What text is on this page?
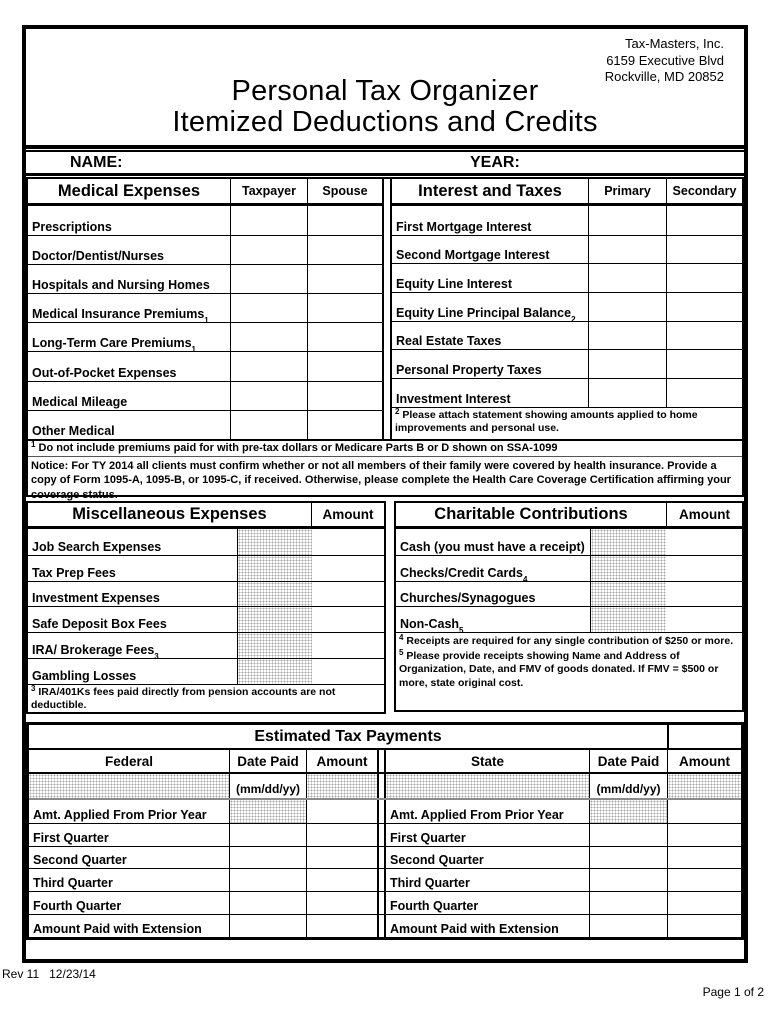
Tax-Masters, Inc.
6159 Executive Blvd
Rockville, MD 20852
Personal Tax Organizer
Itemized Deductions and Credits
NAME:	YEAR:
Medical Expenses	Taxpayer	Spouse
Prescriptions
Doctor/Dentist/Nurses
Hospitals and Nursing Homes
Medical Insurance Premiums 1
Long-Term Care Premiums 1
Out-of-Pocket Expenses
Medical Mileage
Other Medical
Interest and Taxes	Primary	Secondary
First Mortgage Interest
Second Mortgage Interest
Equity Line Interest
Equity Line Principal Balance 2
Real Estate Taxes
Personal Property Taxes
Investment Interest
$^2$ Please attach statement showing amounts applied to home improvements and personal use.
$^1$ Do not include premiums paid for with pre-tax dollars or Medicare Parts B or D shown on SSA-1099
Notice: For TY 2014 all clients must confirm whether or not all members of their family were covered by health insurance. Provide a copy of Form 1095-A, 1095-B, or 1095-C, if received. Otherwise, please complete the Health Care Coverage Certification affirming your coverage status.
Miscellaneous Expenses	Amount
Job Search Expenses
Tax Prep Fees
Investment Expenses
Safe Deposit Box Fees
IRA/ Brokerage Fees 3
Gambling Losses
$^3$ IRA/401Ks fees paid directly from pension accounts are not deductible.
Charitable Contributions	Amount
Cash (you must have a receipt)
Checks/Credit Cards 4
Churches/Synagogues
Non-Cash 5
$^4$ Receipts are required for any single contribution of $250 or more.
$^5$ Please provide receipts showing Name and Address of Organization, Date, and FMV of goods donated. If FMV = $500 or more, state original cost.
Estimated Tax Payments
Federal	Date Paid	Amount	State	Date Paid	Amount
(mm/dd/yy)	(mm/dd/yy)
Amt. Applied From Prior Year	Amt. Applied From Prior Year
First Quarter	First Quarter
Second Quarter	Second Quarter
Third Quarter	Third Quarter
Fourth Quarter	Fourth Quarter
Amount Paid with Extension	Amount Paid with Extension
Rev 11   12/23/14
Page 1 of 2
